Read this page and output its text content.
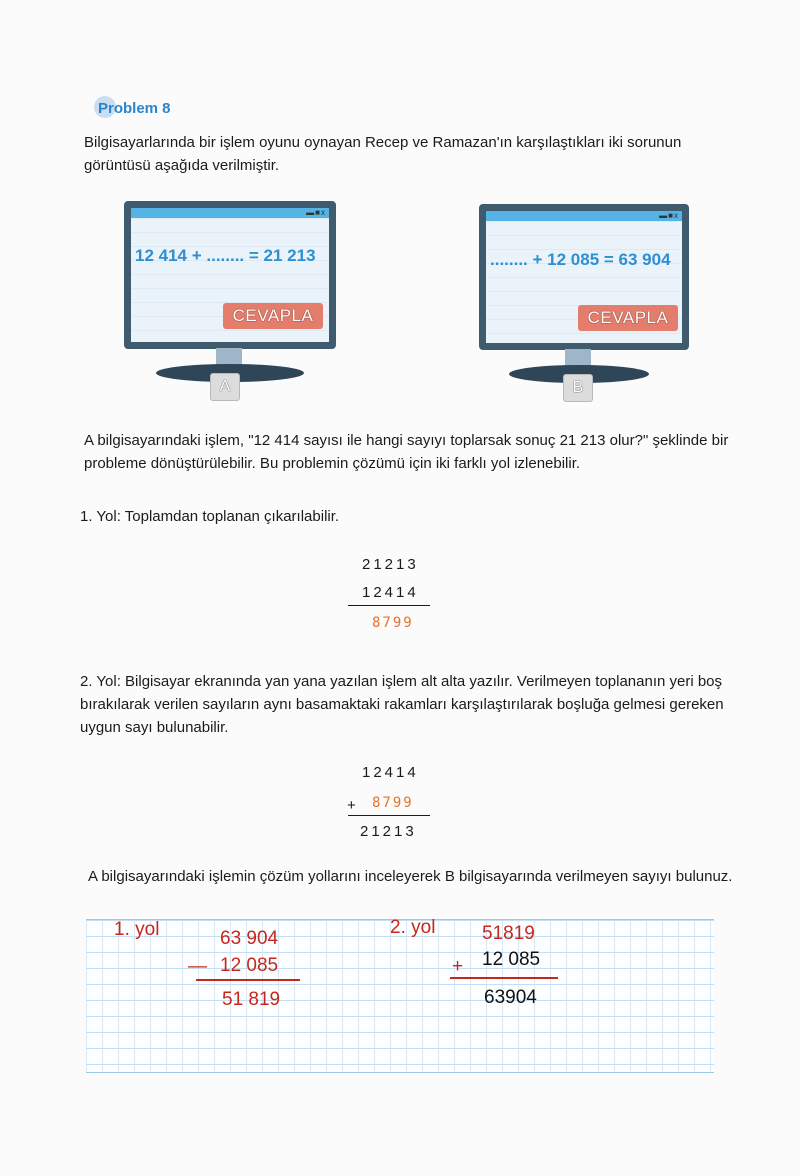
Problem 8
Bilgisayarlarında bir işlem oyunu oynayan Recep ve Ramazan'ın karşılaştıkları iki sorunun görüntüsü aşağıda verilmiştir.
▬■x
12 414 + ........ = 21 213
CEVAPLA
A
▬■x
........ + 12 085 = 63 904
CEVAPLA
B
A bilgisayarındaki işlem, "12 414 sayısı ile hangi sayıyı toplarsak sonuç 21 213 olur?" şeklinde bir probleme dönüştürülebilir. Bu problemin çözümü için iki farklı yol izlenebilir.
1. Yol: Toplamdan toplanan çıkarılabilir.
21213
12414
8799
2. Yol: Bilgisayar ekranında yan yana yazılan işlem alt alta yazılır. Verilmeyen toplananın yeri boş bırakılarak verilen sayıların aynı basamaktaki rakamları karşılaştırılarak boşluğa gelmesi gereken uygun sayı bulunabilir.
12414
+ 8799
21213
A bilgisayarındaki işlemin çözüm yollarını inceleyerek B bilgisayarında verilmeyen sayıyı bulunuz.
1. yol	63 904
— 12 085
51 819
2. yol 51819
+ 12 085
63904
